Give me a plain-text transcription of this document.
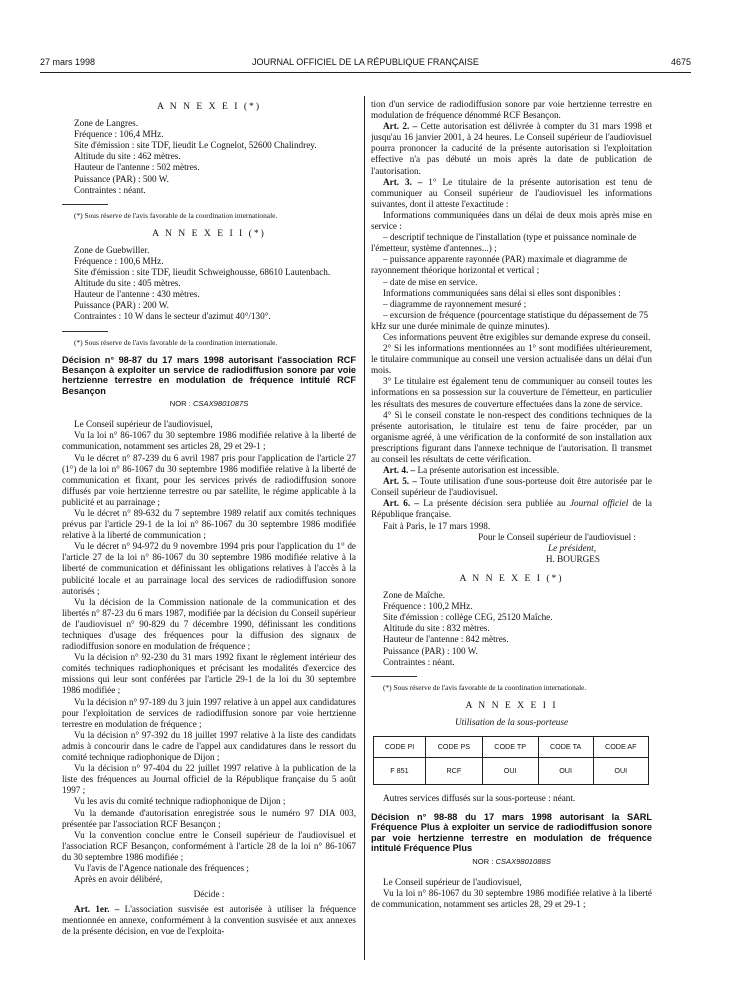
27 mars 1998	JOURNAL OFFICIEL DE LA RÉPUBLIQUE FRANÇAISE	4675

A N N E X E I (*)

Zone de Langres.

Fréquence : 106,4 MHz.

Site d'émission : site TDF, lieudit Le Cognelot, 52600 Chalindrey.

Altitude du site : 462 mètres.

Hauteur de l'antenne : 502 mètres.

Puissance (PAR) : 500 W.

Contraintes : néant.

(*) Sous réserve de l'avis favorable de la coordination internationale.

A N N E X E I I (*)

Zone de Guebwiller.

Fréquence : 100,6 MHz.

Site d'émission : site TDF, lieudit Schweighousse, 68610 Lautenbach.

Altitude du site : 405 mètres.

Hauteur de l'antenne : 430 mètres.

Puissance (PAR) : 200 W.

Contraintes : 10 W dans le secteur d'azimut 40°/130°.

(*) Sous réserve de l'avis favorable de la coordination internationale.

Décision n° 98-87 du 17 mars 1998 autorisant l'association RCF Besançon à exploiter un service de radiodiffusion sonore par voie hertzienne terrestre en modulation de fréquence intitulé RCF Besançon

NOR : CSAX9801087S

Le Conseil supérieur de l'audiovisuel,

Vu la loi n° 86-1067 du 30 septembre 1986 modifiée relative à la liberté de communication, notamment ses articles 28, 29 et 29-1 ;

Vu le décret n° 87-239 du 6 avril 1987 pris pour l'application de l'article 27 (1°) de la loi n° 86-1067 du 30 septembre 1986 modifiée relative à la liberté de communication et fixant, pour les services privés de radiodiffusion sonore diffusés par voie hertzienne terrestre ou par satellite, le régime applicable à la publicité et au parrainage ;

Vu le décret n° 89-632 du 7 septembre 1989 relatif aux comités techniques prévus par l'article 29-1 de la loi n° 86-1067 du 30 septembre 1986 modifiée relative à la liberté de communication ;

Vu le décret n° 94-972 du 9 novembre 1994 pris pour l'application du 1° de l'article 27 de la loi n° 86-1067 du 30 septembre 1986 modifiée relative à la liberté de communication et définissant les obligations relatives à l'accès à la publicité locale et au parrainage local des services de radiodiffusion sonore autorisés ;

Vu la décision de la Commission nationale de la communication et des libertés n° 87-23 du 6 mars 1987, modifiée par la décision du Conseil supérieur de l'audiovisuel n° 90-829 du 7 décembre 1990, définissant les conditions techniques d'usage des fréquences pour la diffusion des signaux de radiodiffusion sonore en modulation de fréquence ;

Vu la décision n° 92-230 du 31 mars 1992 fixant le règlement intérieur des comités techniques radiophoniques et précisant les modalités d'exercice des missions qui leur sont conférées par l'article 29-1 de la loi du 30 septembre 1986 modifiée ;

Vu la décision n° 97-189 du 3 juin 1997 relative à un appel aux candidatures pour l'exploitation de services de radiodiffusion sonore par voie hertzienne terrestre en modulation de fréquence ;

Vu la décision n° 97-392 du 18 juillet 1997 relative à la liste des candidats admis à concourir dans le cadre de l'appel aux candidatures dans le ressort du comité technique radiophonique de Dijon ;

Vu la décision n° 97-404 du 22 juillet 1997 relative à la publication de la liste des fréquences au Journal officiel de la République française du 5 août 1997 ;

Vu les avis du comité technique radiophonique de Dijon ;

Vu la demande d'autorisation enregistrée sous le numéro 97 DIA 003, présentée par l'association RCF Besançon ;

Vu la convention conclue entre le Conseil supérieur de l'audiovisuel et l'association RCF Besançon, conformément à l'article 28 de la loi n° 86-1067 du 30 septembre 1986 modifiée ;

Vu l'avis de l'Agence nationale des fréquences ;

Après en avoir délibéré,

Décide :

Art. 1er. – L'association susvisée est autorisée à utiliser la fréquence mentionnée en annexe, conformément à la convention susvisée et aux annexes de la présente décision, en vue de l'exploita-

tion d'un service de radiodiffusion sonore par voie hertzienne terrestre en modulation de fréquence dénommé RCF Besançon.

Art. 2. – Cette autorisation est délivrée à compter du 31 mars 1998 et jusqu'au 16 janvier 2001, à 24 heures. Le Conseil supérieur de l'audiovisuel pourra prononcer la caducité de la présente autorisation si l'exploitation effective n'a pas débuté un mois après la date de publication de l'autorisation.

Art. 3. – 1° Le titulaire de la présente autorisation est tenu de communiquer au Conseil supérieur de l'audiovisuel les informations suivantes, dont il atteste l'exactitude :

Informations communiquées dans un délai de deux mois après mise en service :

– descriptif technique de l'installation (type et puissance nominale de l'émetteur, système d'antennes...) ;

– puissance apparente rayonnée (PAR) maximale et diagramme de rayonnement théorique horizontal et vertical ;

– date de mise en service.

Informations communiquées sans délai si elles sont disponibles :

– diagramme de rayonnement mesuré ;

– excursion de fréquence (pourcentage statistique du dépassement de 75 kHz sur une durée minimale de quinze minutes).

Ces informations peuvent être exigibles sur demande exprese du conseil.

2° Si les informations mentionnées au 1° sont modifiées ultérieurement, le titulaire communique au conseil une version actualisée dans un délai d'un mois.

3° Le titulaire est également tenu de communiquer au conseil toutes les informations en sa possession sur la couverture de l'émetteur, en particulier les résultats des mesures de couverture effectuées dans la zone de service.

4° Si le conseil constate le non-respect des conditions techniques de la présente autorisation, le titulaire est tenu de faire procéder, par un organisme agréé, à une vérification de la conformité de son installation aux prescriptions figurant dans l'annexe technique de l'autorisation. Il transmet au conseil les résultats de cette vérification.

Art. 4. – La présente autorisation est incessible.

Art. 5. – Toute utilisation d'une sous-porteuse doit être autorisée par le Conseil supérieur de l'audiovisuel.

Art. 6. – La présente décision sera publiée au Journal officiel de la République française.

Fait à Paris, le 17 mars 1998.

Pour le Conseil supérieur de l'audiovisuel :

Le président,

H. BOURGES

A N N E X E I (*)

Zone de Maîche.

Fréquence : 100,2 MHz.

Site d'émission : collège CEG, 25120 Maîche.

Altitude du site : 832 mètres.

Hauteur de l'antenne : 842 mètres.

Puissance (PAR) : 100 W.

Contraintes : néant.

(*) Sous réserve de l'avis favorable de la coordination internationale.

A N N E X E I I

Utilisation de la sous-porteuse

CODE PI	CODE PS	CODE TP	CODE TA	CODE AF
F 851	RCF	OUI	OUI	OUI

Autres services diffusés sur la sous-porteuse : néant.

Décision n° 98-88 du 17 mars 1998 autorisant la SARL Fréquence Plus à exploiter un service de radiodiffusion sonore par voie hertzienne terrestre en modulation de fréquence intitulé Fréquence Plus

NOR : CSAX9801088S

Le Conseil supérieur de l'audiovisuel,

Vu la loi n° 86-1067 du 30 septembre 1986 modifiée relative à la liberté de communication, notamment ses articles 28, 29 et 29-1 ;
